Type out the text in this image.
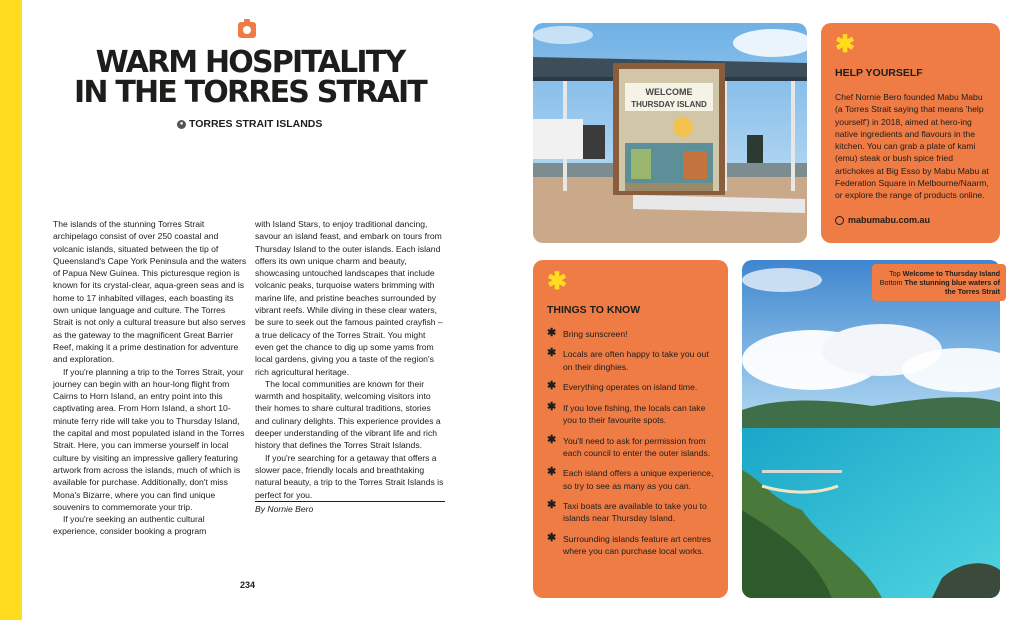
WARM HOSPITALITY
IN THE TORRES STRAIT
● TORRES STRAIT ISLANDS

The islands of the stunning Torres Strait archipelago consist of over 250 coastal and volcanic islands, situated between the tip of Queensland's Cape York Peninsula and the waters of Papua New Guinea. This picturesque region is known for its crystal-clear, aqua-green seas and is home to 17 inhabited villages, each boasting its own unique language and culture. The Torres Strait is not only a cultural treasure but also serves as the gateway to the magnificent Great Barrier Reef, making it a prime destination for adventure and exploration.

If you're planning a trip to the Torres Strait, your journey can begin with an hour-long flight from Cairns to Horn Island, an entry point into this captivating area. From Horn Island, a short 10-minute ferry ride will take you to Thursday Island, the capital and most populated island in the Torres Strait. Here, you can immerse yourself in local culture by visiting an impressive gallery featuring artwork from across the islands, much of which is available for purchase. Additionally, don't miss Mona's Bizarre, where you can find unique souvenirs to commemorate your trip.

If you're seeking an authentic cultural experience, consider booking a program

with Island Stars, to enjoy traditional dancing, savour an island feast, and embark on tours from Thursday Island to the outer islands. Each island offers its own unique charm and beauty, showcasing untouched landscapes that include volcanic peaks, turquoise waters brimming with marine life, and pristine beaches surrounded by vibrant reefs. While diving in these clear waters, be sure to seek out the famous painted crayfish – a true delicacy of the Torres Strait. You might even get the chance to dig up some yams from local gardens, giving you a taste of the region's rich agricultural heritage.

The local communities are known for their warmth and hospitality, welcoming visitors into their homes to share cultural traditions, stories and culinary delights. This experience provides a deeper understanding of the vibrant life and rich history that defines the Torres Strait Islands.

If you're searching for a getaway that offers a slower pace, friendly locals and breathtaking natural beauty, a trip to the Torres Strait Islands is perfect for you.

By Nornie Bero

234
WELCOME
THURSDAY ISLAND
✱
HELP YOURSELF

Chef Nornie Bero founded Mabu Mabu (a Torres Strait saying that means 'help yourself') in 2018, aimed at hero-ing native ingredients and flavours in the kitchen. You can grab a plate of kami (emu) steak or bush spice fried artichokes at Big Esso by Mabu Mabu at Federation Square in Melbourne/Naarm, or explore the range of products online.

mabumabu.com.au
✱
THINGS TO KNOW
✱ Bring sunscreen!
✱ Locals are often happy to take you out on their dinghies.
✱ Everything operates on island time.
✱ If you love fishing, the locals can take you to their favourite spots.
✱ You'll need to ask for permission from each council to enter the outer islands.
✱ Each island offers a unique experience, so try to see as many as you can.
✱ Taxi boats are available to take you to islands near Thursday Island.
✱ Surrounding islands feature art centres where you can purchase local works.
Top Welcome to Thursday Island
Bottom The stunning blue waters of the Torres Strait
